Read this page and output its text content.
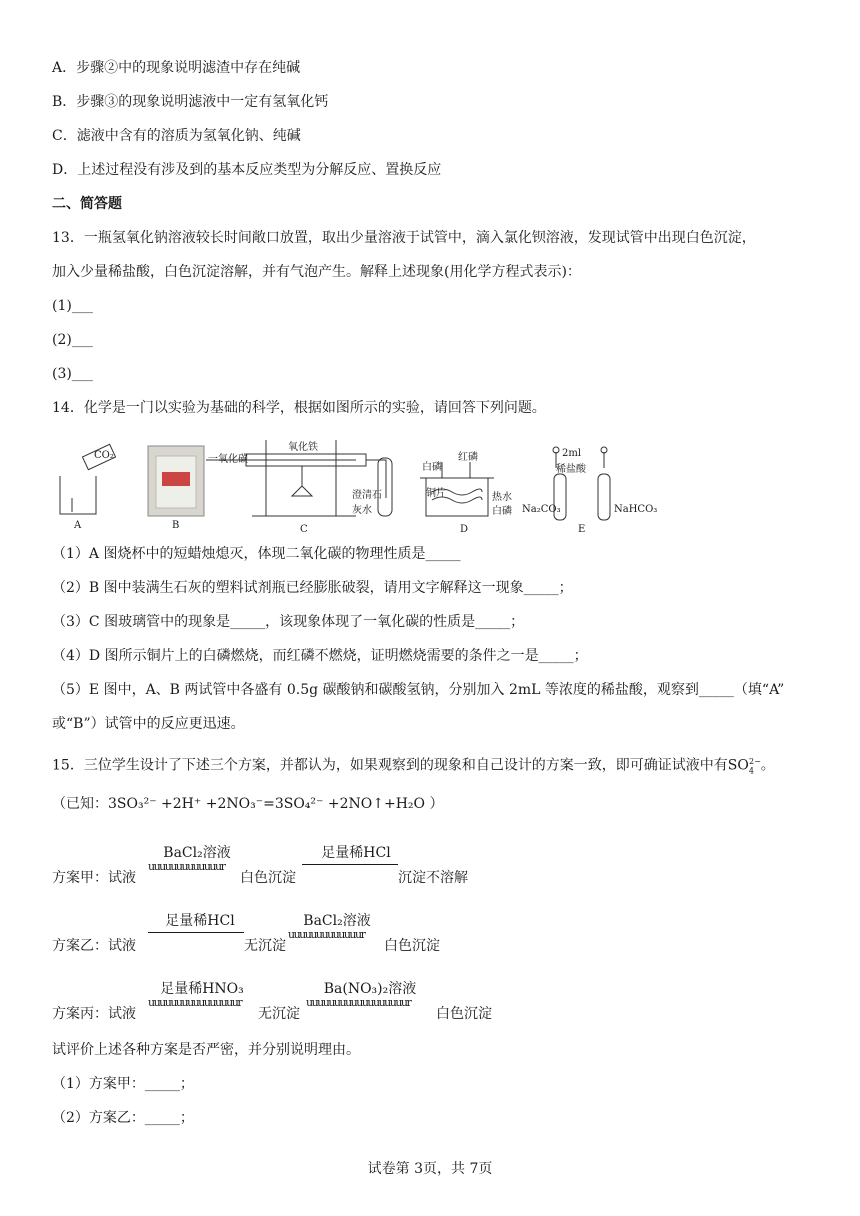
A．步骤②中的现象说明滤渣中存在纯碱
B．步骤③的现象说明滤液中一定有氢氧化钙
C．滤液中含有的溶质为氢氧化钠、纯碱
D．上述过程没有涉及到的基本反应类型为分解反应、置换反应
二、简答题
13．一瓶氢氧化钠溶液较长时间敞口放置，取出少量溶液于试管中，滴入氯化钡溶液，发现试管中出现白色沉淀，
加入少量稀盐酸，白色沉淀溶解，并有气泡产生。解释上述现象(用化学方程式表示)：
(1)___
(2)___
(3)___
14．化学是一门以实验为基础的科学，根据如图所示的实验，请回答下列问题。
CO₂	一氧化碳
氧化铁
澄清石灰水
红磷
白磷
铜片	热水
白磷
2ml
稀盐酸
Na₂CO₃	NaHCO₃
A	B	C	D	E
（1）A 图烧杯中的短蜡烛熄灭，体现二氧化碳的物理性质是_____
（2）B 图中装满生石灰的塑料试剂瓶已经膨胀破裂，请用文字解释这一现象_____；
（3）C 图玻璃管中的现象是_____，该现象体现了一氧化碳的性质是_____；
（4）D 图所示铜片上的白磷燃烧，而红磷不燃烧，证明燃烧需要的条件之一是_____；
（5）E 图中，A、B 两试管中各盛有 0.5g 碳酸钠和碳酸氢钠，分别加入 2mL 等浓度的稀盐酸，观察到_____（填“A”
或“B”）试管中的反应更迅速。
15．三位学生设计了下述三个方案，并都认为，如果观察到的现象和自己设计的方案一致，即可确证试液中有$SO_4^{2-}$。
（已知：3SO₃²⁻ +2H⁺ +2NO₃⁻=3SO₄²⁻ +2NO↑+H₂O ）
方案甲：试液
BaCl₂溶液
uuuuuuuuuuuuur
白色沉淀
足量稀HCl
沉淀不溶解
方案乙：试液
足量稀HCl
无沉淀
BaCl₂溶液
uuuuuuuuuuuuur
白色沉淀
方案丙：试液
足量稀HNO₃
uuuuuuuuuuuuuuuur
无沉淀
Ba(NO₃)₂溶液
uuuuuuuuuuuuuuuuuur
白色沉淀
试评价上述各种方案是否严密，并分别说明理由。
（1）方案甲：_____；
（2）方案乙：_____；
试卷第 3页，共 7页
